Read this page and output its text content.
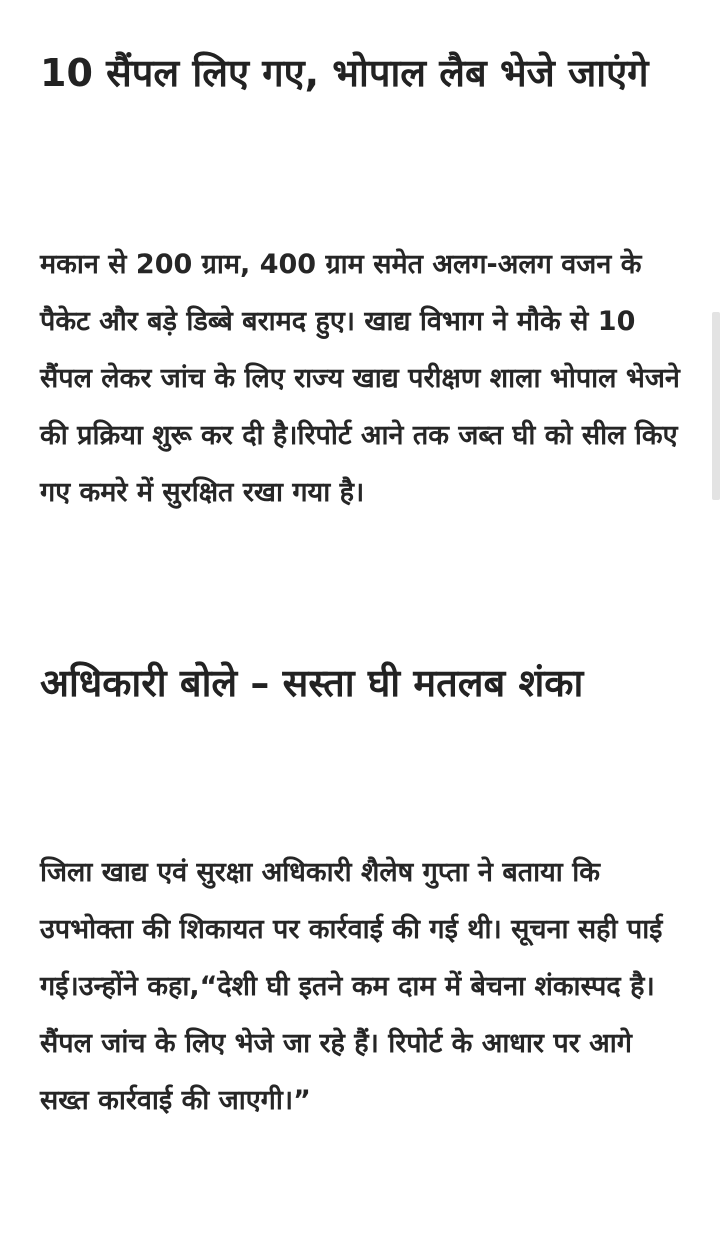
10 सैंपल लिए गए, भोपाल लैब भेजे जाएंगे

मकान से 200 ग्राम, 400 ग्राम समेत अलग-अलग वजन के पैकेट और बड़े डिब्बे बरामद हुए। खाद्य विभाग ने मौके से 10 सैंपल लेकर जांच के लिए राज्य खाद्य परीक्षण शाला भोपाल भेजने की प्रक्रिया शुरू कर दी है।रिपोर्ट आने तक जब्त घी को सील किए गए कमरे में सुरक्षित रखा गया है।

अधिकारी बोले – सस्ता घी मतलब शंका

जिला खाद्य एवं सुरक्षा अधिकारी शैलेष गुप्ता ने बताया कि उपभोक्ता की शिकायत पर कार्रवाई की गई थी। सूचना सही पाई गई।उन्होंने कहा,“देशी घी इतने कम दाम में बेचना शंकास्पद है। सैंपल जांच के लिए भेजे जा रहे हैं। रिपोर्ट के आधार पर आगे सख्त कार्रवाई की जाएगी।”
